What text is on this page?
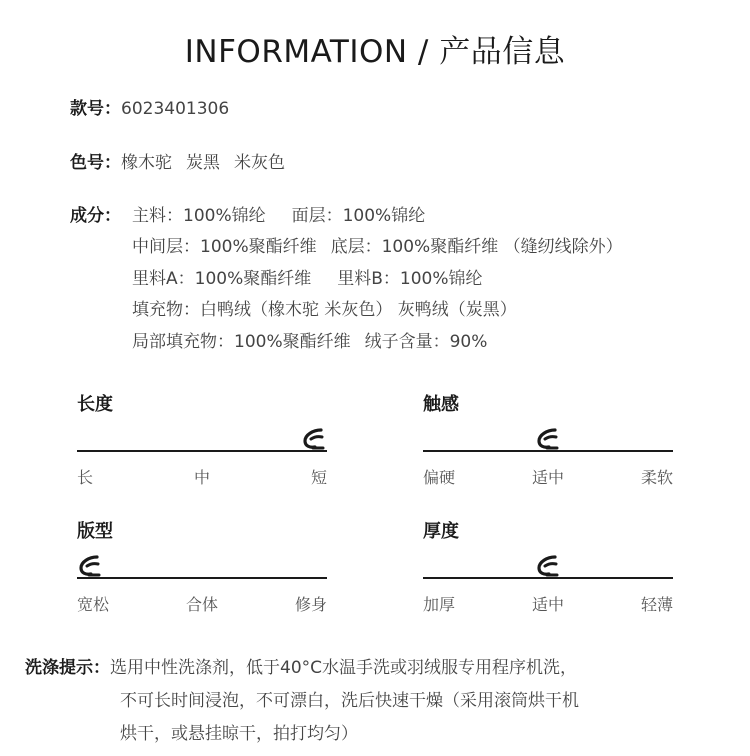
INFORMATION / 产品信息
款号：6023401306
色号：橡木驼 炭黑 米灰色
成分： 主料：100%锦纶 面层：100%锦纶
中间层：100%聚酯纤维 底层：100%聚酯纤维 （缝纫线除外）
里料A：100%聚酯纤维 里料B：100%锦纶
填充物：白鸭绒（橡木驼 米灰色） 灰鸭绒（炭黑）
局部填充物：100%聚酯纤维 绒子含量：90%
长度
长	中	短
触感
偏硬	适中	柔软
版型
宽松	合体	修身
厚度
加厚	适中	轻薄
洗涤提示：选用中性洗涤剂，低于40°C水温手洗或羽绒服专用程序机洗，
不可长时间浸泡，不可漂白，洗后快速干燥（采用滚筒烘干机
烘干，或悬挂晾干，拍打均匀）
